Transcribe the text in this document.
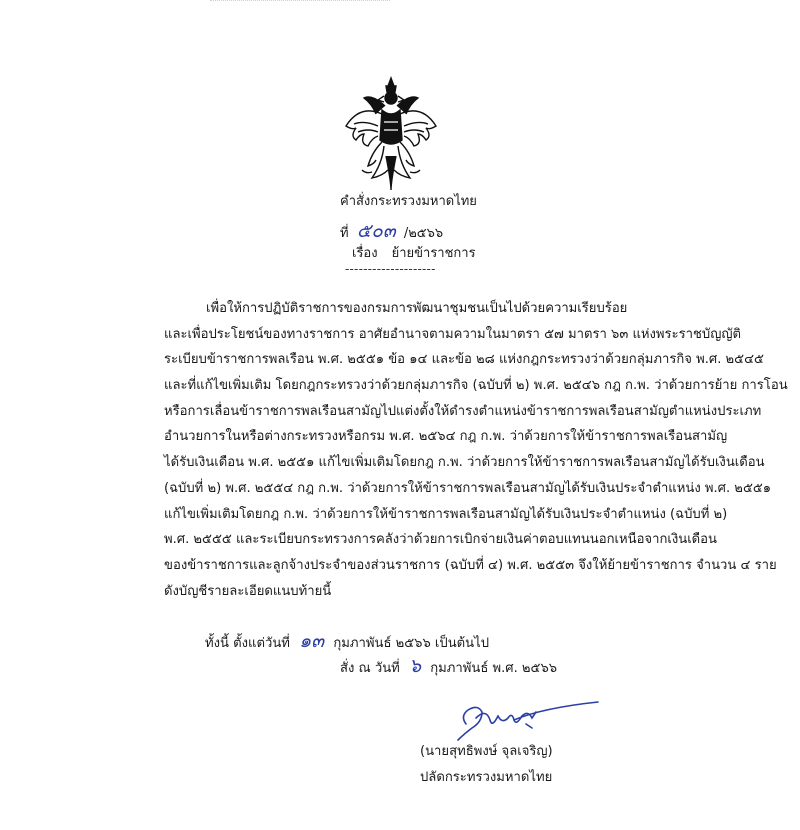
คำสั่งกระทรวงมหาดไทย
ที่ ๕๐๓ /๒๕๖๖
เรื่อง ย้ายข้าราชการ
--------------------
เพื่อให้การปฏิบัติราชการของกรมการพัฒนาชุมชนเป็นไปด้วยความเรียบร้อย
และเพื่อประโยชน์ของทางราชการ อาศัยอำนาจตามความในมาตรา ๕๗ มาตรา ๖๓ แห่งพระราชบัญญัติ
ระเบียบข้าราชการพลเรือน พ.ศ. ๒๕๕๑ ข้อ ๑๔ และข้อ ๒๘ แห่งกฎกระทรวงว่าด้วยกลุ่มภารกิจ พ.ศ. ๒๕๔๕
และที่แก้ไขเพิ่มเติม โดยกฎกระทรวงว่าด้วยกลุ่มภารกิจ (ฉบับที่ ๒) พ.ศ. ๒๕๔๖ กฎ ก.พ. ว่าด้วยการย้าย การโอน
หรือการเลื่อนข้าราชการพลเรือนสามัญไปแต่งตั้งให้ดำรงตำแหน่งข้าราชการพลเรือนสามัญตำแหน่งประเภท
อำนวยการในหรือต่างกระทรวงหรือกรม พ.ศ. ๒๕๖๔ กฎ ก.พ. ว่าด้วยการให้ข้าราชการพลเรือนสามัญ
ได้รับเงินเดือน พ.ศ. ๒๕๕๑ แก้ไขเพิ่มเติมโดยกฎ ก.พ. ว่าด้วยการให้ข้าราชการพลเรือนสามัญได้รับเงินเดือน
(ฉบับที่ ๒) พ.ศ. ๒๕๕๔ กฎ ก.พ. ว่าด้วยการให้ข้าราชการพลเรือนสามัญได้รับเงินประจำตำแหน่ง พ.ศ. ๒๕๕๑
แก้ไขเพิ่มเติมโดยกฎ ก.พ. ว่าด้วยการให้ข้าราชการพลเรือนสามัญได้รับเงินประจำตำแหน่ง (ฉบับที่ ๒)
พ.ศ. ๒๕๕๕ และระเบียบกระทรวงการคลังว่าด้วยการเบิกจ่ายเงินค่าตอบแทนนอกเหนือจากเงินเดือน
ของข้าราชการและลูกจ้างประจำของส่วนราชการ (ฉบับที่ ๔) พ.ศ. ๒๕๕๓ จึงให้ย้ายข้าราชการ จำนวน ๔ ราย
ดังบัญชีรายละเอียดแนบท้ายนี้
ทั้งนี้ ตั้งแต่วันที่ ๑๓ กุมภาพันธ์ ๒๕๖๖ เป็นต้นไป
สั่ง ณ วันที่ ๖ กุมภาพันธ์ พ.ศ. ๒๕๖๖
(นายสุทธิพงษ์ จุลเจริญ)
ปลัดกระทรวงมหาดไทย
